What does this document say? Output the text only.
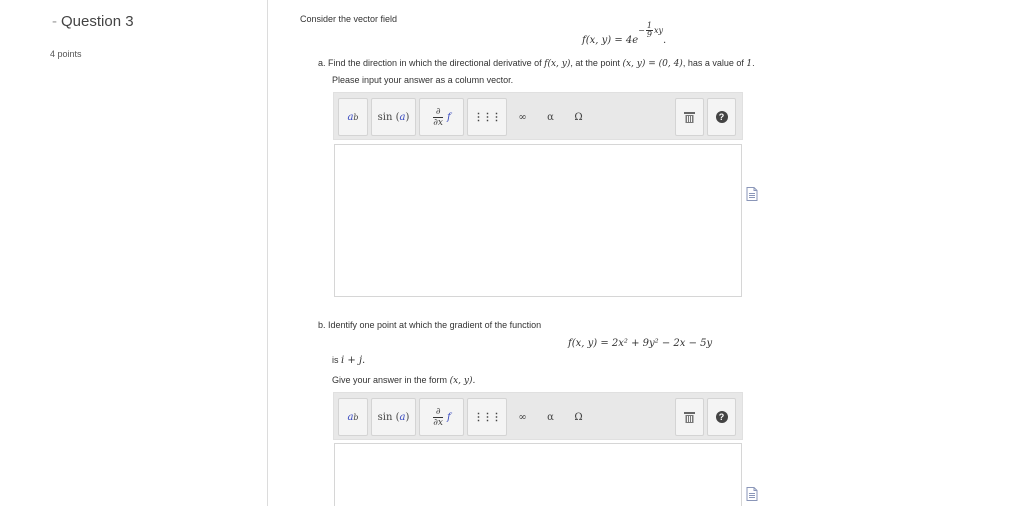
- Question 3
4 points
Consider the vector field
f(x, $y) = 4e^{- \frac{1}{9} xy}$.
a. Find the direction in which the directional derivative of f(x, y), at the point (x, y) = (0, 4), has a value of 1.
Please input your answer as a column vector.
a b sin ( a )	$\frac{\partial}{\partial x}$ f ⋮⋮⋮ ∞ α Ω	?
b. Identify one point at which the gradient of the function
f(x, y) = 2x² + 9y² − 2x − 5y
is i + j.
Give your answer in the form (x, y).
a b sin ( a )	$\frac{\partial}{\partial x}$ f ⋮⋮⋮ ∞ α Ω	?
